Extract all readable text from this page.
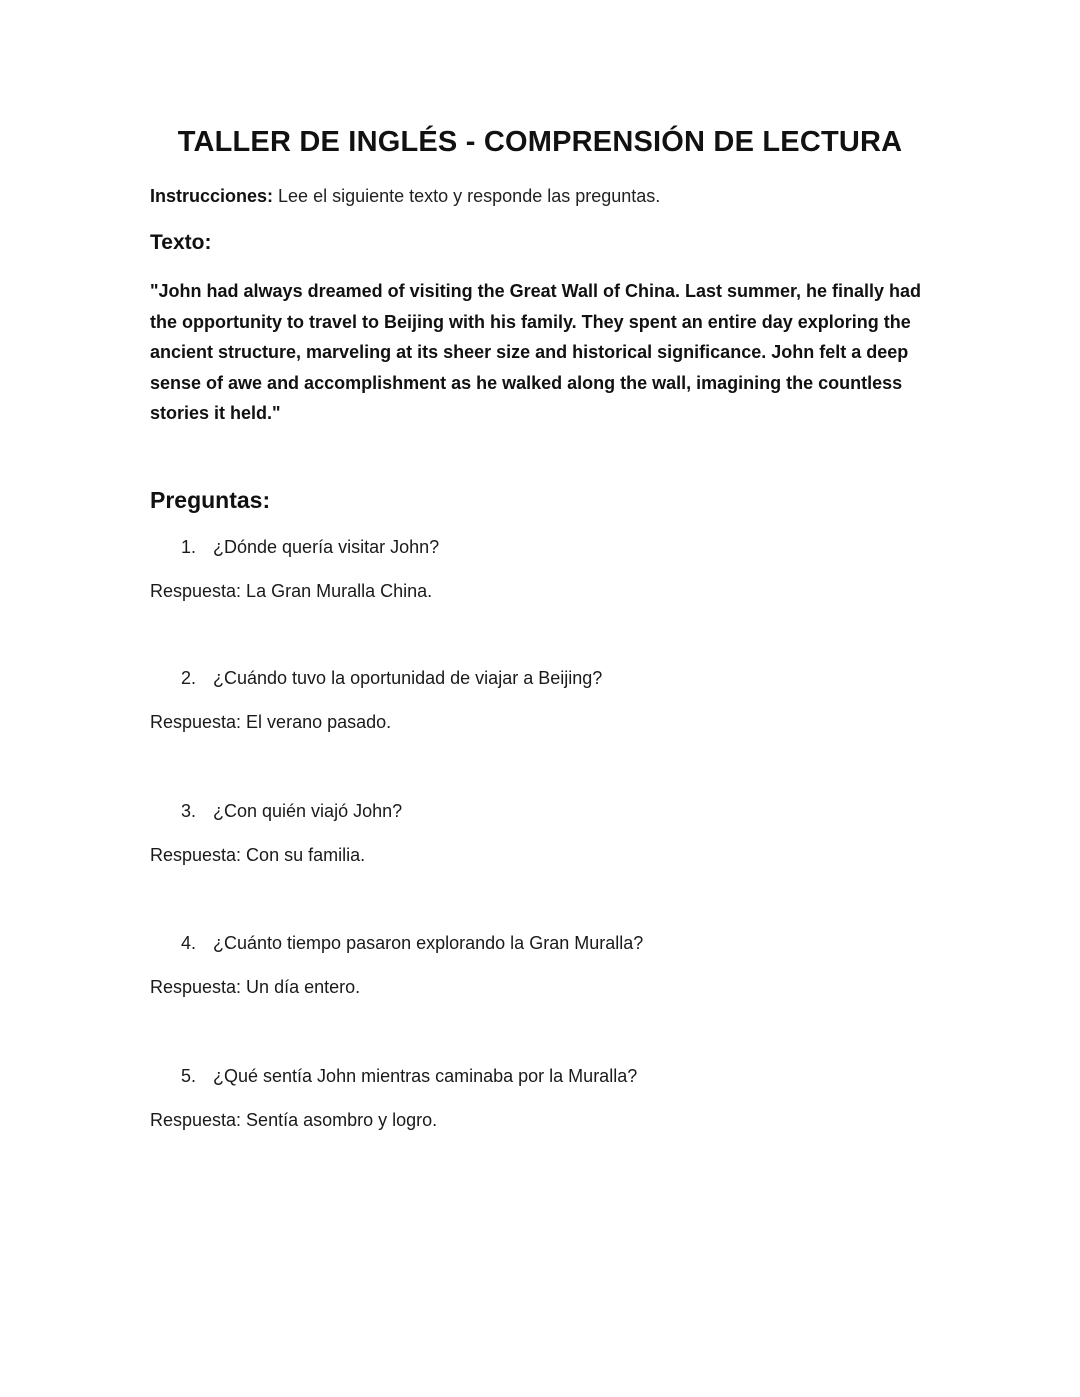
TALLER DE INGLÉS - COMPRENSIÓN DE LECTURA
Instrucciones: Lee el siguiente texto y responde las preguntas.
Texto:
"John had always dreamed of visiting the Great Wall of China. Last summer, he finally had the opportunity to travel to Beijing with his family. They spent an entire day exploring the ancient structure, marveling at its sheer size and historical significance. John felt a deep sense of awe and accomplishment as he walked along the wall, imagining the countless stories it held."
Preguntas:
1. ¿Dónde quería visitar John?
Respuesta: La Gran Muralla China.
2. ¿Cuándo tuvo la oportunidad de viajar a Beijing?
Respuesta: El verano pasado.
3. ¿Con quién viajó John?
Respuesta: Con su familia.
4. ¿Cuánto tiempo pasaron explorando la Gran Muralla?
Respuesta: Un día entero.
5. ¿Qué sentía John mientras caminaba por la Muralla?
Respuesta: Sentía asombro y logro.
